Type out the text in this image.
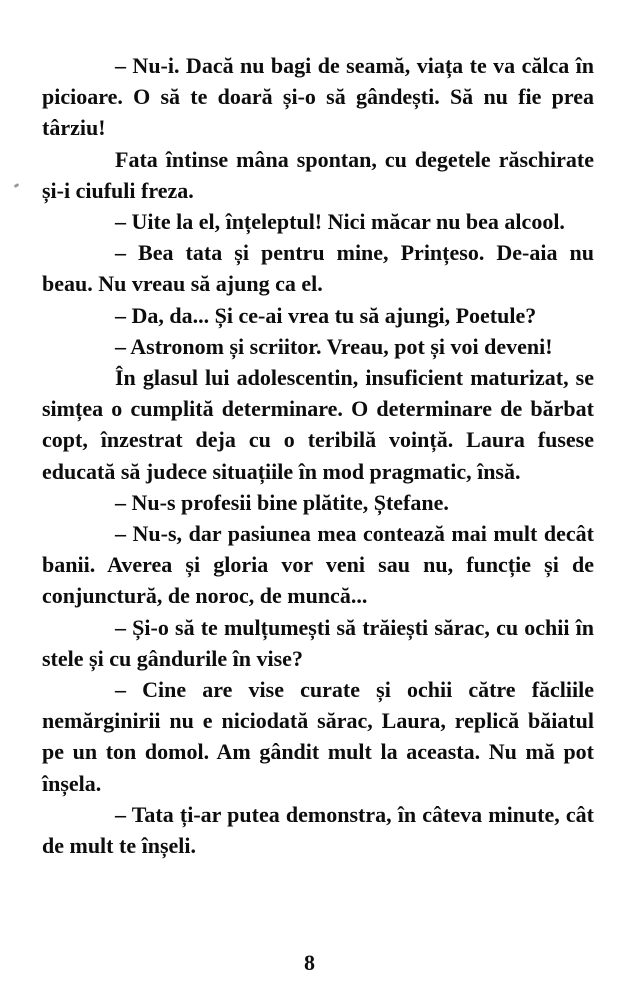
– Nu-i. Dacă nu bagi de seamă, viața te va călca în picioare. O să te doară și-o să gândești. Să nu fie prea târziu!

Fata întinse mâna spontan, cu degetele răschirate și-i ciufuli freza.

– Uite la el, înțeleptul! Nici măcar nu bea alcool.

– Bea tata și pentru mine, Prințeso. De-aia nu beau. Nu vreau să ajung ca el.

– Da, da... Și ce-ai vrea tu să ajungi, Poetule?

– Astronom și scriitor. Vreau, pot și voi deveni!

În glasul lui adolescentin, insuficient maturizat, se simțea o cumplită determinare. O determinare de bărbat copt, înzestrat deja cu o teribilă voință. Laura fusese educată să judece situațiile în mod pragmatic, însă.

– Nu-s profesii bine plătite, Ștefane.

– Nu-s, dar pasiunea mea contează mai mult decât banii. Averea și gloria vor veni sau nu, funcție și de conjunctură, de noroc, de muncă...

– Și-o să te mulțumești să trăiești sărac, cu ochii în stele și cu gândurile în vise?

– Cine are vise curate și ochii către făcliile nemărginirii nu e niciodată sărac, Laura, replică băiatul pe un ton domol. Am gândit mult la aceasta. Nu mă pot înșela.

– Tata ți-ar putea demonstra, în câteva minute, cât de mult te înșeli.

8
